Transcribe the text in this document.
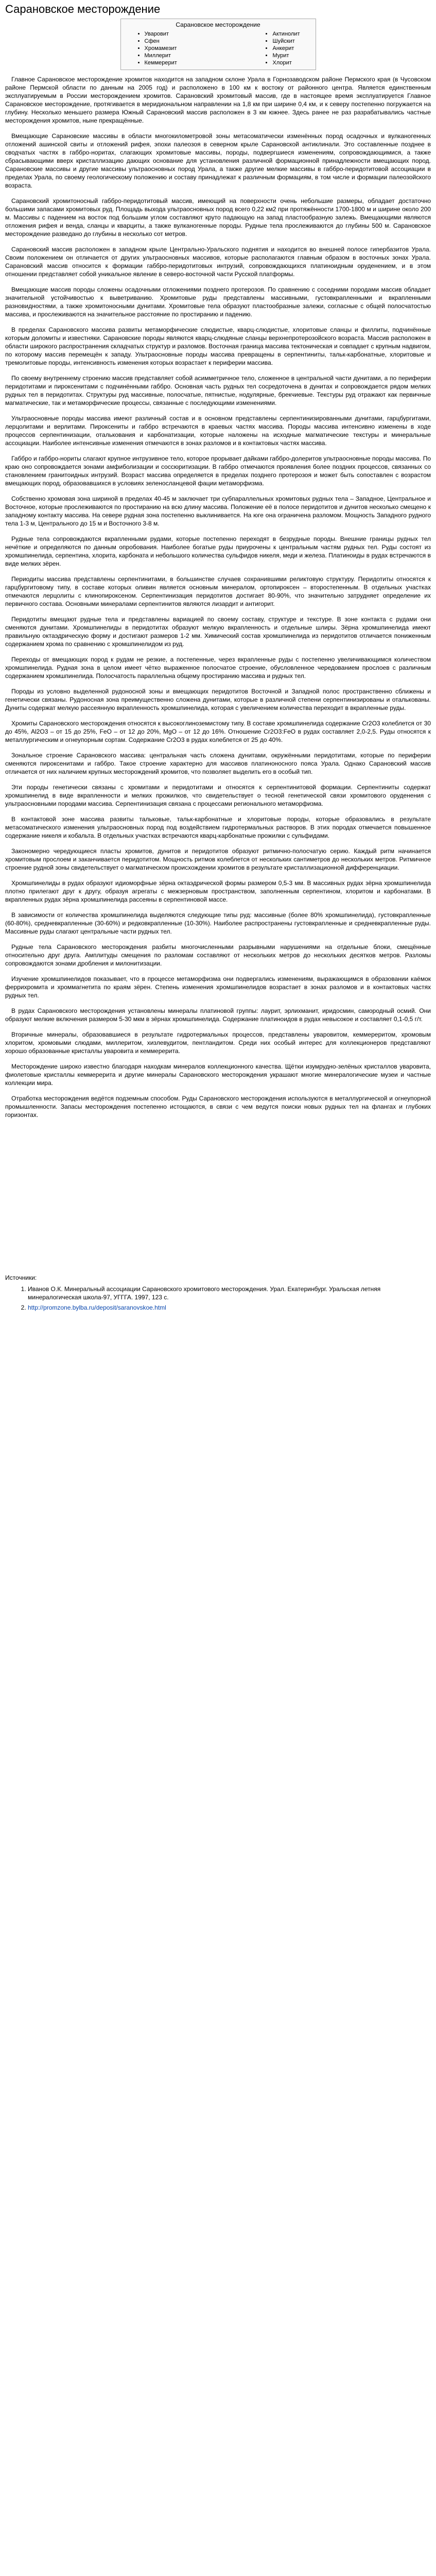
Сарановское месторождение
Сарановское месторождение
• Уваровит
• Сфен
• Хромамезит
• Миллерит
• Кеммерерит
• Актинолит
• Шуйскит
• Анкерит
• Мурит
• Хлорит

Главное Сарановское месторождение хромитов находится на западном склоне Урала в Горнозаводском районе Пермского края (в Чусовском районе Пермской области по данным на 2005 год) и расположено в 100 км к востоку от районного центра. Является единственным эксплуатируемым в России месторождением хромитов. Сарановский хромитовый массив, где в настоящее время эксплуатируется Главное Сарановское месторождение, протягивается в меридиональном направлении на 1,8 км при ширине 0,4 км, и к северу постепенно погружается на глубину. Несколько меньшего размера Южный Сарановский массив расположен в 3 км южнее. Здесь ранее не раз разрабатывались частные месторождения хромитов, ныне прекращённые.

Вмещающие Сарановские массивы в области многокилометровой зоны метасоматически изменённых пород осадочных и вулканогенных отложений ашинской свиты и отложений рифея, эпохи палеозоя в северном крыле Сарановской антиклинали. Это составленные позднее в сводчатых частях в габбро-норитах, слагающих хромитовые массивы, породы, подвергшиеся изменениям, сопровождающимися, а также сбрасывающими вверх кристаллизацию дающих основание для установления различной формационной принадлежности вмещающих пород. Сарановские массивы и другие массивы ультраосновных пород Урала, а также другие мелкие массивы в габбро-перидотитовой ассоциации в пределах Урала, по своему геологическому положению и составу принадлежат к различным формациям, в том числе и формации палеозойского возраста.

Сарановский хромитоносный габбро-перидотитовый массив, имеющий на поверхности очень небольшие размеры, обладает достаточно большими запасами хромитовых руд. Площадь выхода ультраосновных пород всего 0,22 км2 при протяжённости 1700-1800 м и ширине около 200 м. Массивы с падением на восток под большим углом составляют круто падающую на запад пластообразную залежь. Вмещающими являются отложения рифея и венда, сланцы и кварциты, а также вулканогенные породы. Рудные тела прослеживаются до глубины 500 м. Сарановское месторождение разведано до глубины в несколько сот метров.

Сарановский массив расположен в западном крыле Центрально-Уральского поднятия и находится во внешней полосе гипербазитов Урала. Своим положением он отличается от других ультраосновных массивов, которые располагаются главным образом в восточных зонах Урала. Сарановский массив относится к формации габбро-перидотитовых интрузий, сопровождающихся платиноидным оруденением, и в этом отношении представляет собой уникальное явление в северо-восточной части Русской платформы.

Вмещающие массив породы сложены осадочными отложениями позднего протерозоя. По сравнению с соседними породами массив обладает значительной устойчивостью к выветриванию. Хромитовые руды представлены массивными, густовкрапленными и вкрапленными разновидностями, а также хромитоносными дунитами. Хромитовые тела образуют пластообразные залежи, согласные с общей полосчатостью массива, и прослеживаются на значительное расстояние по простиранию и падению.

В пределах Сарановского массива развиты метаморфические слюдистые, кварц-слюдистые, хлоритовые сланцы и филлиты, подчинённые которым доломиты и известняки. Сарановские породы являются кварц-слюдяные сланцы верхнепротерозойского возраста. Массив расположен в области широкого распространения складчатых структур и разломов. Восточная граница массива тектоническая и совпадает с крупным надвигом, по которому массив перемещён к западу. Ультраосновные породы массива превращены в серпентиниты, тальк-карбонатные, хлоритовые и тремолитовые породы, интенсивность изменения которых возрастает к периферии массива.

По своему внутреннему строению массив представляет собой асимметричное тело, сложенное в центральной части дунитами, а по периферии перидотитами и пироксенитами с подчинёнными габбро. Основная часть рудных тел сосредоточена в дунитах и сопровождается рядом мелких рудных тел в перидотитах. Структуры руд массивные, полосчатые, пятнистые, нодулярные, брекчиевые. Текстуры руд отражают как первичные магматические, так и метаморфические процессы, связанные с последующими изменениями.

Ультраосновные породы массива имеют различный состав и в основном представлены серпентинизированными дунитами, гарцбургитами, лерцолитами и верлитами. Пироксениты и габбро встречаются в краевых частях массива. Породы массива интенсивно изменены в ходе процессов серпентинизации, оталькования и карбонатизации, которые наложены на исходные магматические текстуры и минеральные ассоциации. Наиболее интенсивные изменения отмечаются в зонах разломов и в контактовых частях массива.

Габбро и габбро-нориты слагают крупное интрузивное тело, которое прорывает дайками габбро-долеритов ультраосновные породы массива. По краю оно сопровождается зонами амфиболизации и соссюритизации. В габбро отмечаются проявления более поздних процессов, связанных со становлением гранитоидных интрузий. Возраст массива определяется в пределах позднего протерозоя и может быть сопоставлен с возрастом вмещающих пород, образовавшихся в условиях зеленосланцевой фации метаморфизма.

Собственно хромовая зона шириной в пределах 40-45 м заключает три субпараллельных хромитовых рудных тела – Западное, Центральное и Восточное, которые прослеживаются по простиранию на всю длину массива. Положение её в полосе перидотитов и дунитов несколько смещено к западному контакту массива. На севере рудная зона постепенно выклинивается. На юге она ограничена разломом. Мощность Западного рудного тела 1-3 м, Центрального до 15 м и Восточного 3-8 м.

Рудные тела сопровождаются вкрапленными рудами, которые постепенно переходят в безрудные породы. Внешние границы рудных тел нечёткие и определяются по данным опробования. Наиболее богатые руды приурочены к центральным частям рудных тел. Руды состоят из хромшпинелида, серпентина, хлорита, карбоната и небольшого количества сульфидов никеля, меди и железа. Платиноиды в рудах встречаются в виде мелких зёрен.

Периодиты массива представлены серпентинитами, в большинстве случаев сохранившими реликтовую структуру. Перидотиты относятся к гарцбургитовому типу, в составе которых оливин является основным минералом, ортопироксен – второстепенным. В отдельных участках отмечаются лерцолиты с клинопироксеном. Серпентинизация перидотитов достигает 80-90%, что значительно затрудняет определение их первичного состава. Основными минералами серпентинитов являются лизардит и антигорит.

Перидотиты вмещают рудные тела и представлены вариацией по своему составу, структуре и текстуре. В зоне контакта с рудами они сменяются дунитами. Хромшпинелиды в перидотитах образуют мелкую вкрапленность и отдельные шлиры. Зёрна хромшпинелида имеют правильную октаэдрическую форму и достигают размеров 1-2 мм. Химический состав хромшпинелида из перидотитов отличается пониженным содержанием хрома по сравнению с хромшпинелидом из руд.

Переходы от вмещающих пород к рудам не резкие, а постепенные, через вкрапленные руды с постепенно увеличивающимся количеством хромшпинелида. Рудная зона в целом имеет чётко выраженное полосчатое строение, обусловленное чередованием прослоев с различным содержанием хромшпинелида. Полосчатость параллельна общему простиранию массива и рудных тел.

Породы из условно выделенной рудоносной зоны и вмещающих перидотитов Восточной и Западной полос пространственно сближены и генетически связаны. Рудоносная зона преимущественно сложена дунитами, которые в различной степени серпентинизированы и оталькованы. Дуниты содержат мелкую рассеянную вкрапленность хромшпинелида, которая с увеличением количества переходит в вкрапленные руды.

Хромиты Сарановского месторождения относятся к высокоглиноземистому типу. В составе хромшпинелида содержание Cr2O3 колеблется от 30 до 45%, Al2O3 – от 15 до 25%, FeO – от 12 до 20%, MgO – от 12 до 16%. Отношение Cr2O3:FeO в рудах составляет 2,0-2,5. Руды относятся к металлургическим и огнеупорным сортам. Содержание Cr2O3 в рудах колеблется от 25 до 40%.

Зональное строение Сарановского массива: центральная часть сложена дунитами, окружёнными перидотитами, которые по периферии сменяются пироксенитами и габбро. Такое строение характерно для массивов платиноносного пояса Урала. Однако Сарановский массив отличается от них наличием крупных месторождений хромитов, что позволяет выделить его в особый тип.

Эти породы генетически связаны с хромитами и перидотитами и относятся к серпентинитовой формации. Серпентиниты содержат хромшпинелид в виде вкрапленности и мелких прожилков, что свидетельствует о тесной генетической связи хромитового оруденения с ультраосновными породами массива. Серпентинизация связана с процессами регионального метаморфизма.

В контактовой зоне массива развиты тальковые, тальк-карбонатные и хлоритовые породы, которые образовались в результате метасоматического изменения ультраосновных пород под воздействием гидротермальных растворов. В этих породах отмечается повышенное содержание никеля и кобальта. В отдельных участках встречаются кварц-карбонатные прожилки с сульфидами.

Закономерно чередующиеся пласты хромитов, дунитов и перидотитов образуют ритмично-полосчатую серию. Каждый ритм начинается хромитовым прослоем и заканчивается перидотитом. Мощность ритмов колеблется от нескольких сантиметров до нескольких метров. Ритмичное строение рудной зоны свидетельствует о магматическом происхождении хромитов в результате кристаллизационной дифференциации.

Хромшпинелиды в рудах образуют идиоморфные зёрна октаэдрической формы размером 0,5-3 мм. В массивных рудах зёрна хромшпинелида плотно прилегают друг к другу, образуя агрегаты с межзерновым пространством, заполненным серпентином, хлоритом и карбонатами. В вкрапленных рудах зёрна хромшпинелида рассеяны в серпентиновой массе.

В зависимости от количества хромшпинелида выделяются следующие типы руд: массивные (более 80% хромшпинелида), густовкрапленные (60-80%), средневкрапленные (30-60%) и редковкрапленные (10-30%). Наиболее распространены густовкрапленные и средневкрапленные руды. Массивные руды слагают центральные части рудных тел.

Рудные тела Сарановского месторождения разбиты многочисленными разрывными нарушениями на отдельные блоки, смещённые относительно друг друга. Амплитуды смещения по разломам составляют от нескольких метров до нескольких десятков метров. Разломы сопровождаются зонами дробления и милонитизации.

Изучение хромшпинелидов показывает, что в процессе метаморфизма они подвергались изменениям, выражающимся в образовании каёмок феррихромита и хроммагнетита по краям зёрен. Степень изменения хромшпинелидов возрастает в зонах разломов и в контактовых частях рудных тел.

В рудах Сарановского месторождения установлены минералы платиновой группы: лаурит, эрлихманит, иридосмин, самородный осмий. Они образуют мелкие включения размером 5-30 мкм в зёрнах хромшпинелида. Содержание платиноидов в рудах невысокое и составляет 0,1-0,5 г/т.

Вторичные минералы, образовавшиеся в результате гидротермальных процессов, представлены уваровитом, кеммереритом, хромовым хлоритом, хромовыми слюдами, миллеритом, хизлевудитом, пентландитом. Среди них особый интерес для коллекционеров представляют хорошо образованные кристаллы уваровита и кеммерерита.

Месторождение широко известно благодаря находкам минералов коллекционного качества. Щётки изумрудно-зелёных кристаллов уваровита, фиолетовые кристаллы кеммерерита и другие минералы Сарановского месторождения украшают многие минералогические музеи и частные коллекции мира.

Отработка месторождения ведётся подземным способом. Руды Сарановского месторождения используются в металлургической и огнеупорной промышленности. Запасы месторождения постепенно истощаются, в связи с чем ведутся поиски новых рудных тел на флангах и глубоких горизонтах.

Источники:
1. Иванов О.К. Минеральный ассоциации Сарановского хромитового месторождения. Урал. Екатеринбург. Уральская летняя минералогическая школа-97, УГГГА. 1997, 123 с.
2. http://promzone.bylba.ru/deposit/saranovskoe.html
